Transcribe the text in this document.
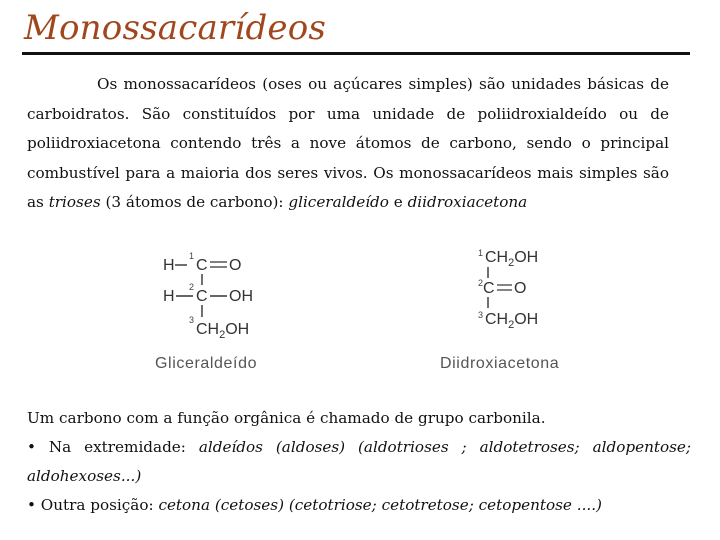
Monossacarídeos

Os monossacarídeos (oses ou açúcares simples) são unidades básicas de carboidratos. São constituídos por uma unidade de poliidroxialdeído ou de poliidroxiacetona contendo três a nove átomos de carbono, sendo o principal combustível para a maioria dos seres vivos. Os monossacarídeos mais simples são as trioses (3 átomos de carbono): gliceraldeído e diidroxiacetona

H
1
C O
H
2
C OH
3
$CH_2OH$

Gliceraldeído

1 $CH_2OH$
2 C O
3 $CH_2OH$

Diidroxiacetona

Um carbono com a função orgânica é chamado de grupo carbonila.

• Na extremidade: aldeídos (aldoses) (aldotrioses ; aldotetroses; aldopentose; aldohexoses...)

• Outra posição: cetona (cetoses) (cetotriose; cetotretose; cetopentose ....)
